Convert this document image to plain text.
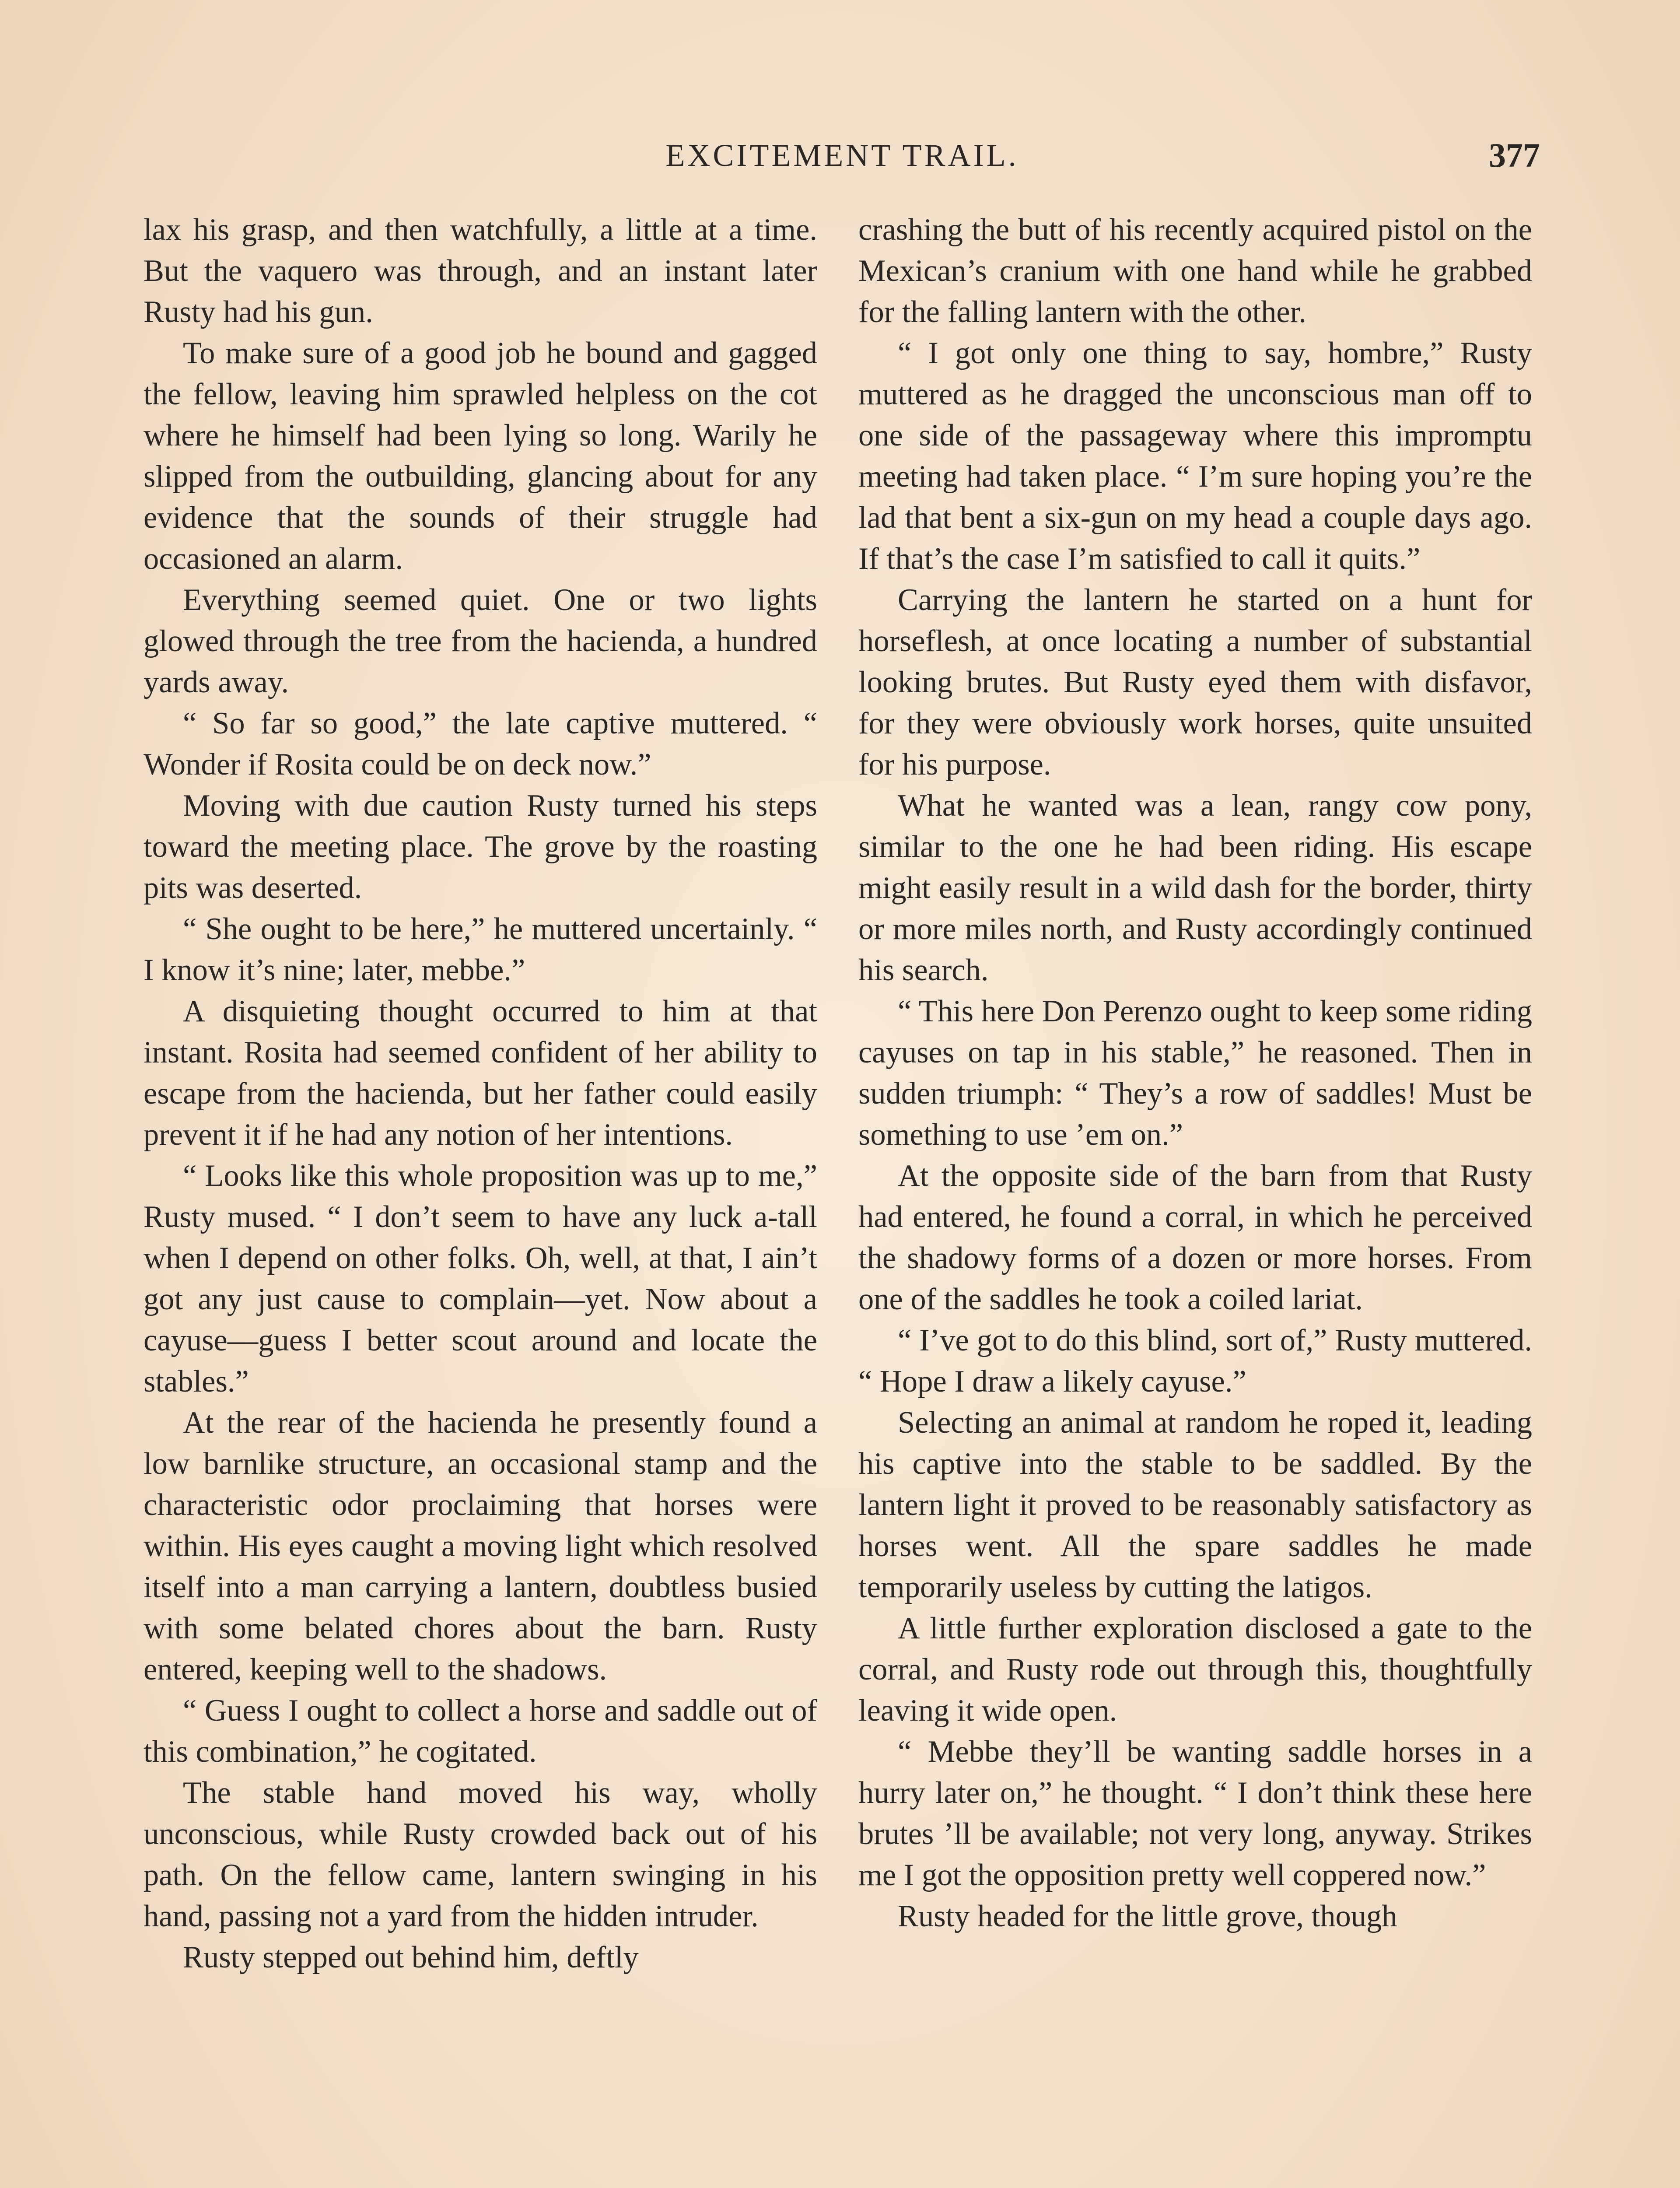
EXCITEMENT TRAIL.	377

lax his grasp, and then watchfully, a little at a time. But the vaquero was through, and an instant later Rusty had his gun.

To make sure of a good job he bound and gagged the fellow, leaving him sprawled helpless on the cot where he himself had been lying so long. Warily he slipped from the outbuilding, glancing about for any evidence that the sounds of their struggle had occasioned an alarm.

Everything seemed quiet. One or two lights glowed through the tree from the hacienda, a hundred yards away.

“ So far so good,” the late captive muttered. “ Wonder if Rosita could be on deck now.”

Moving with due caution Rusty turned his steps toward the meeting place. The grove by the roasting pits was deserted.

“ She ought to be here,” he muttered uncertainly. “ I know it’s nine; later, mebbe.”

A disquieting thought occurred to him at that instant. Rosita had seemed confident of her ability to escape from the hacienda, but her father could easily prevent it if he had any notion of her intentions.

“ Looks like this whole proposition was up to me,” Rusty mused. “ I don’t seem to have any luck a-tall when I depend on other folks. Oh, well, at that, I ain’t got any just cause to complain—yet. Now about a cayuse—guess I better scout around and locate the stables.”

At the rear of the hacienda he presently found a low barnlike structure, an occasional stamp and the characteristic odor proclaiming that horses were within. His eyes caught a moving light which resolved itself into a man carrying a lantern, doubtless busied with some belated chores about the barn. Rusty entered, keeping well to the shadows.

“ Guess I ought to collect a horse and saddle out of this combination,” he cogitated.

The stable hand moved his way, wholly unconscious, while Rusty crowded back out of his path. On the fellow came, lantern swinging in his hand, passing not a yard from the hidden intruder.

Rusty stepped out behind him, deftly

crashing the butt of his recently acquired pistol on the Mexican’s cranium with one hand while he grabbed for the falling lantern with the other.

“ I got only one thing to say, hombre,” Rusty muttered as he dragged the unconscious man off to one side of the passageway where this impromptu meeting had taken place. “ I’m sure hoping you’re the lad that bent a six-gun on my head a couple days ago. If that’s the case I’m satisfied to call it quits.”

Carrying the lantern he started on a hunt for horseflesh, at once locating a number of substantial looking brutes. But Rusty eyed them with disfavor, for they were obviously work horses, quite unsuited for his purpose.

What he wanted was a lean, rangy cow pony, similar to the one he had been riding. His escape might easily result in a wild dash for the border, thirty or more miles north, and Rusty accordingly continued his search.

“ This here Don Perenzo ought to keep some riding cayuses on tap in his stable,” he reasoned. Then in sudden triumph: “ They’s a row of saddles! Must be something to use ’em on.”

At the opposite side of the barn from that Rusty had entered, he found a corral, in which he perceived the shadowy forms of a dozen or more horses. From one of the saddles he took a coiled lariat.

“ I’ve got to do this blind, sort of,” Rusty muttered. “ Hope I draw a likely cayuse.”

Selecting an animal at random he roped it, leading his captive into the stable to be saddled. By the lantern light it proved to be reasonably satisfactory as horses went. All the spare saddles he made temporarily useless by cutting the latigos.

A little further exploration disclosed a gate to the corral, and Rusty rode out through this, thoughtfully leaving it wide open.

“ Mebbe they’ll be wanting saddle horses in a hurry later on,” he thought. “ I don’t think these here brutes ’ll be available; not very long, anyway. Strikes me I got the opposition pretty well coppered now.”

Rusty headed for the little grove, though
